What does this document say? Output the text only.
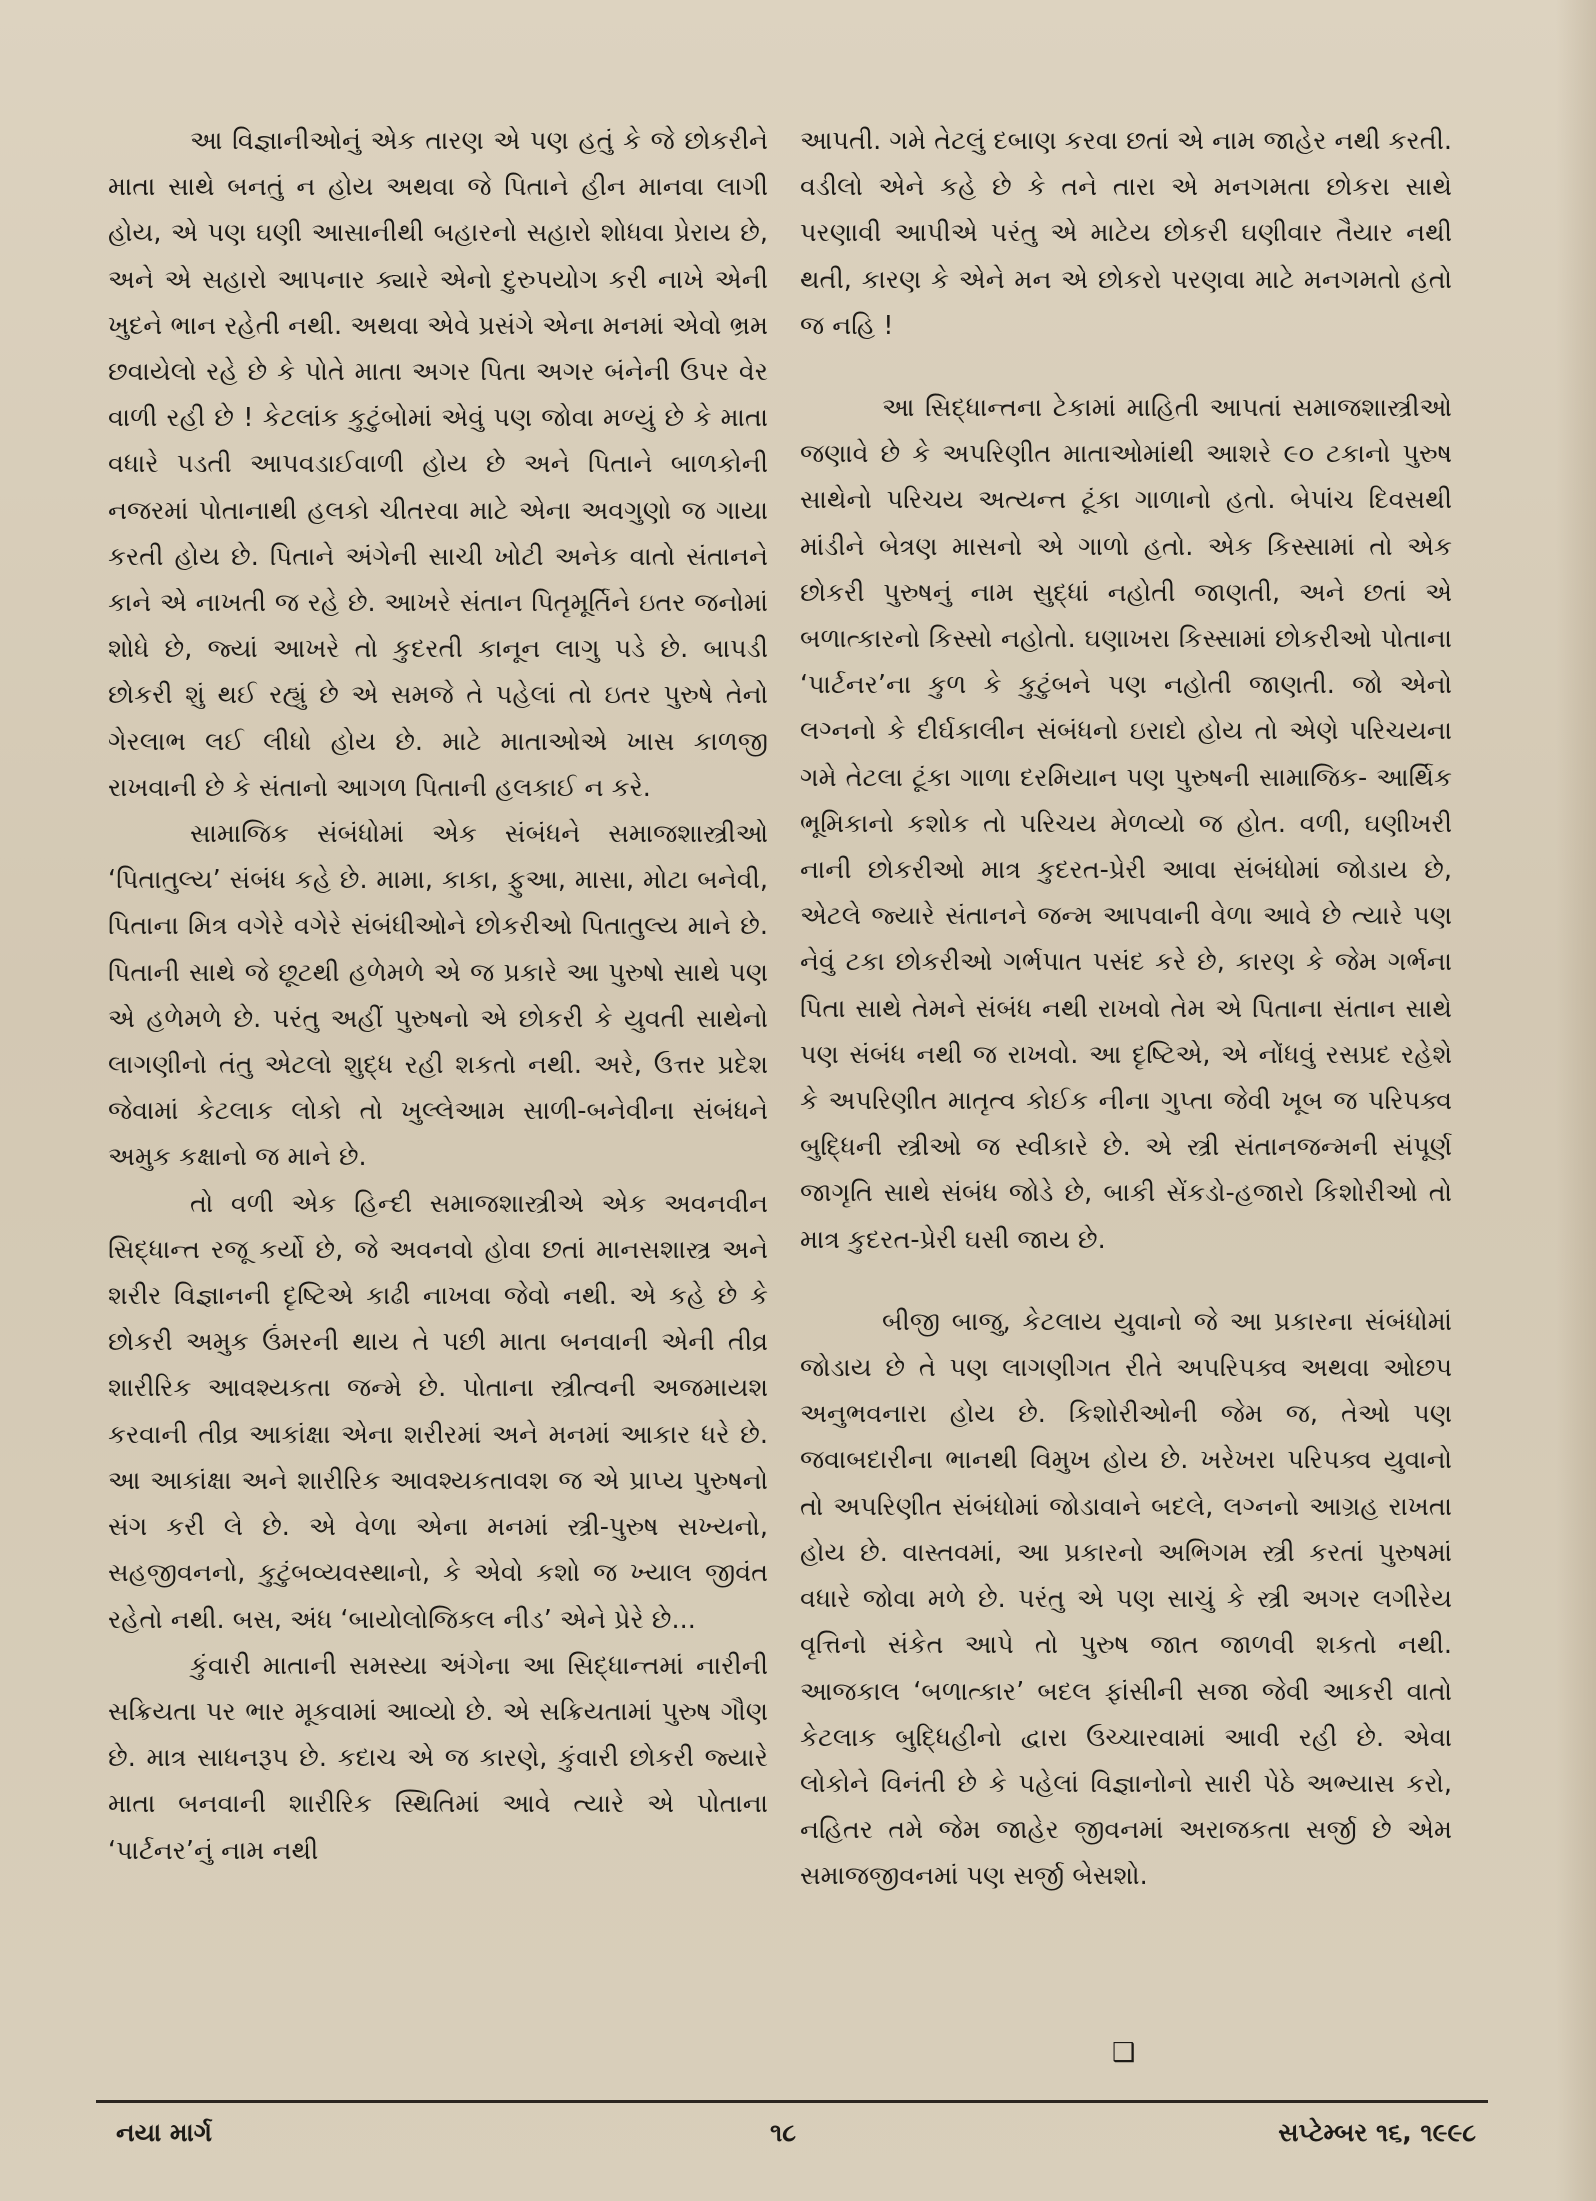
આ વિજ્ઞાનીઓનું એક તારણ એ પણ હતું કે જે છોકરીને માતા સાથે બનતું ન હોય અથવા જે પિતાને હીન માનવા લાગી હોય, એ પણ ઘણી આસાનીથી બહારનો સહારો શોધવા પ્રેરાય છે, અને એ સહારો આપનાર ક્યારે એનો દુરુપયોગ કરી નાખે એની ખુદને ભાન રહેતી નથી. અથવા એવે પ્રસંગે એના મનમાં એવો ભ્રમ છવાયેલો રહે છે કે પોતે માતા અગર પિતા અગર બંનેની ઉપર વેર વાળી રહી છે ! કેટલાંક કુટુંબોમાં એવું પણ જોવા મળ્યું છે કે માતા વધારે પડતી આપવડાઈવાળી હોય છે અને પિતાને બાળકોની નજરમાં પોતાનાથી હલકો ચીતરવા માટે એના અવગુણો જ ગાયા કરતી હોય છે. પિતાને અંગેની સાચી ખોટી અનેક વાતો સંતાનને કાને એ નાખતી જ રહે છે. આખરે સંતાન પિતૃમૂર્તિને ઇતર જનોમાં શોધે છે, જ્યાં આખરે તો કુદરતી કાનૂન લાગુ પડે છે. બાપડી છોકરી શું થઈ રહ્યું છે એ સમજે તે પહેલાં તો ઇતર પુરુષે તેનો ગેરલાભ લઈ લીધો હોય છે. માટે માતાઓએ ખાસ કાળજી રાખવાની છે કે સંતાનો આગળ પિતાની હલકાઈ ન કરે.

સામાજિક સંબંધોમાં એક સંબંધને સમાજશાસ્ત્રીઓ ‘પિતાતુલ્ય’ સંબંધ કહે છે. મામા, કાકા, ફુઆ, માસા, મોટા બનેવી, પિતાના મિત્ર વગેરે વગેરે સંબંધીઓને છોકરીઓ પિતાતુલ્ય માને છે. પિતાની સાથે જે છૂટથી હળેમળે એ જ પ્રકારે આ પુરુષો સાથે પણ એ હળેમળે છે. પરંતુ અહીં પુરુષનો એ છોકરી કે યુવતી સાથેનો લાગણીનો તંતુ એટલો શુદ્ધ રહી શકતો નથી. અરે, ઉત્તર પ્રદેશ જેવામાં કેટલાક લોકો તો ખુલ્લેઆમ સાળી-બનેવીના સંબંધને અમુક કક્ષાનો જ માને છે.

તો વળી એક હિન્દી સમાજશાસ્ત્રીએ એક અવનવીન સિદ્ધાન્ત રજૂ કર્યો છે, જે અવનવો હોવા છતાં માનસશાસ્ત્ર અને શરીર વિજ્ઞાનની દૃષ્ટિએ કાઢી નાખવા જેવો નથી. એ કહે છે કે છોકરી અમુક ઉંમરની થાય તે પછી માતા બનવાની એની તીવ્ર શારીરિક આવશ્યકતા જન્મે છે. પોતાના સ્ત્રીત્વની અજમાયશ કરવાની તીવ્ર આકાંક્ષા એના શરીરમાં અને મનમાં આકાર ધરે છે. આ આકાંક્ષા અને શારીરિક આવશ્યકતાવશ જ એ પ્રાપ્ય પુરુષનો સંગ કરી લે છે. એ વેળા એના મનમાં સ્ત્રી-પુરુષ સખ્યનો, સહજીવનનો, કુટુંબવ્યવસ્થાનો, કે એવો કશો જ ખ્યાલ જીવંત રહેતો નથી. બસ, અંધ ‘બાયોલોજિકલ નીડ’ એને પ્રેરે છે...

કુંવારી માતાની સમસ્યા અંગેના આ સિદ્ધાન્તમાં નારીની સક્રિયતા પર ભાર મૂકવામાં આવ્યો છે. એ સક્રિયતામાં પુરુષ ગૌણ છે. માત્ર સાધનરૂપ છે. કદાચ એ જ કારણે, કુંવારી છોકરી જ્યારે માતા બનવાની શારીરિક સ્થિતિમાં આવે ત્યારે એ પોતાના ‘પાર્ટનર’નું નામ નથી

આપતી. ગમે તેટલું દબાણ કરવા છતાં એ નામ જાહેર નથી કરતી. વડીલો એને કહે છે કે તને તારા એ મનગમતા છોકરા સાથે પરણાવી આપીએ પરંતુ એ માટેય છોકરી ઘણીવાર તૈયાર નથી થતી, કારણ કે એને મન એ છોકરો પરણવા માટે મનગમતો હતો જ નહિ !

આ સિદ્ધાન્તના ટેકામાં માહિતી આપતાં સમાજશાસ્ત્રીઓ જણાવે છે કે અપરિણીત માતાઓમાંથી આશરે ૯૦ ટકાનો પુરુષ સાથેનો પરિચય અત્યન્ત ટૂંકા ગાળાનો હતો. બેપાંચ દિવસથી માંડીને બેત્રણ માસનો એ ગાળો હતો. એક કિસ્સામાં તો એક છોકરી પુરુષનું નામ સુદ્ધાં નહોતી જાણતી, અને છતાં એ બળાત્કારનો કિસ્સો નહોતો. ઘણાખરા કિસ્સામાં છોકરીઓ પોતાના ‘પાર્ટનર’ના કુળ કે કુટુંબને પણ નહોતી જાણતી. જો એનો લગ્નનો કે દીર્ઘકાલીન સંબંધનો ઇરાદો હોય તો એણે પરિચયના ગમે તેટલા ટૂંકા ગાળા દરમિયાન પણ પુરુષની સામાજિક- આર્થિક ભૂમિકાનો કશોક તો પરિચય મેળવ્યો જ હોત. વળી, ઘણીખરી નાની છોકરીઓ માત્ર કુદરત-પ્રેરી આવા સંબંધોમાં જોડાય છે, એટલે જ્યારે સંતાનને જન્મ આપવાની વેળા આવે છે ત્યારે પણ નેવું ટકા છોકરીઓ ગર્ભપાત પસંદ કરે છે, કારણ કે જેમ ગર્ભના પિતા સાથે તેમને સંબંધ નથી રાખવો તેમ એ પિતાના સંતાન સાથે પણ સંબંધ નથી જ રાખવો. આ દૃષ્ટિએ, એ નોંધવું રસપ્રદ રહેશે કે અપરિણીત માતૃત્વ કોઈક નીના ગુપ્તા જેવી ખૂબ જ પરિપક્વ બુદ્ધિની સ્ત્રીઓ જ સ્વીકારે છે. એ સ્ત્રી સંતાનજન્મની સંપૂર્ણ જાગૃતિ સાથે સંબંધ જોડે છે, બાકી સેંકડો-હજારો કિશોરીઓ તો માત્ર કુદરત-પ્રેરી ઘસી જાય છે.

બીજી બાજુ, કેટલાય યુવાનો જે આ પ્રકારના સંબંધોમાં જોડાય છે તે પણ લાગણીગત રીતે અપરિપક્વ અથવા ઓછપ અનુભવનારા હોય છે. કિશોરીઓની જેમ જ, તેઓ પણ જવાબદારીના ભાનથી વિમુખ હોય છે. ખરેખરા પરિપક્વ યુવાનો તો અપરિણીત સંબંધોમાં જોડાવાને બદલે, લગ્નનો આગ્રહ રાખતા હોય છે. વાસ્તવમાં, આ પ્રકારનો અભિગમ સ્ત્રી કરતાં પુરુષમાં વધારે જોવા મળે છે. પરંતુ એ પણ સાચું કે સ્ત્રી અગર લગીરેય વૃત્તિનો સંકેત આપે તો પુરુષ જાત જાળવી શકતો નથી. આજકાલ ‘બળાત્કાર’ બદલ ફાંસીની સજા જેવી આકરી વાતો કેટલાક બુદ્ધિહીનો દ્વારા ઉચ્ચારવામાં આવી રહી છે. એવા લોકોને વિનંતી છે કે પહેલાં વિજ્ઞાનોનો સારી પેઠે અભ્યાસ કરો, નહિતર તમે જેમ જાહેર જીવનમાં અરાજકતા સર્જી છે એમ સમાજજીવનમાં પણ સર્જી બેસશો.

❑
નયા માર્ગ	૧૮	સપ્ટેમ્બર ૧૬, ૧૯૯૮
